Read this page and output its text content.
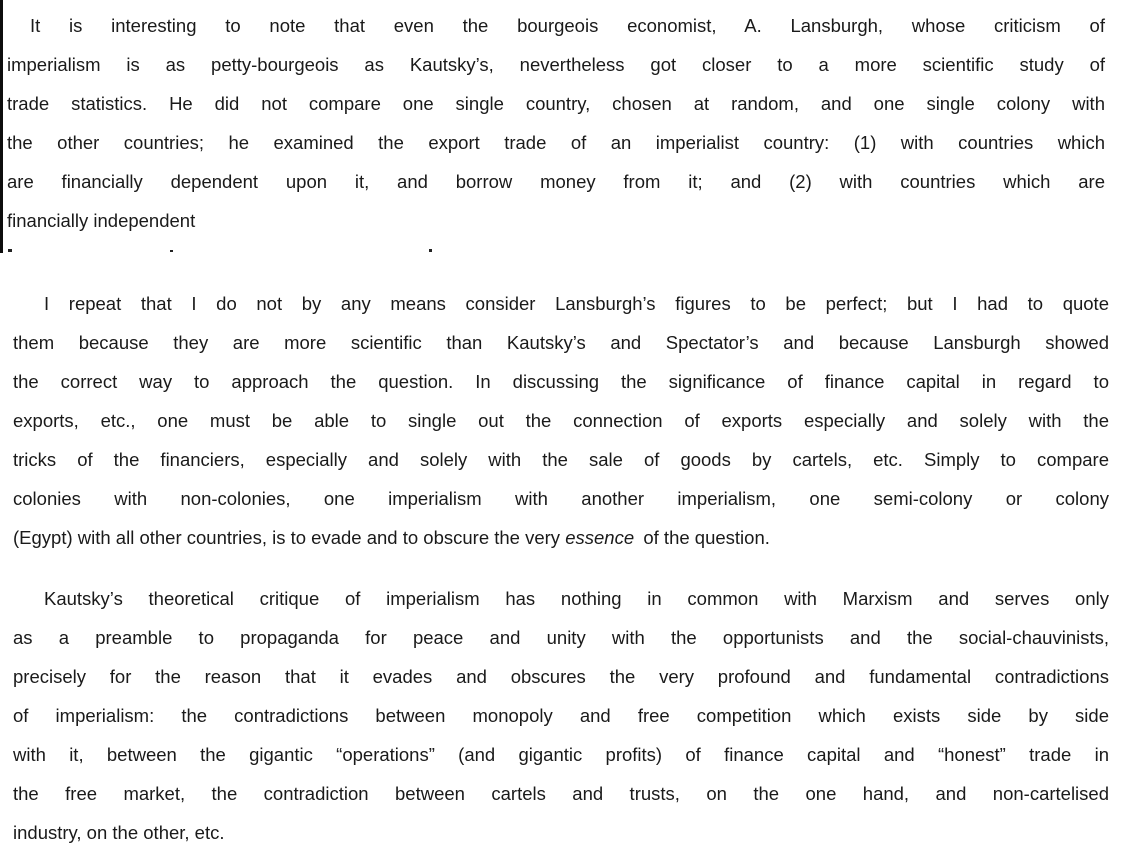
It is interesting to note that even the bourgeois economist, A. Lansburgh, whose criticism of
imperialism is as petty-bourgeois as Kautsky’s, nevertheless got closer to a more scientific study of
trade statistics. He did not compare one single country, chosen at random, and one single colony with
the other countries; he examined the export trade of an imperialist country: (1) with countries which
are financially dependent upon it, and borrow money from it; and (2) with countries which are
financially independent
I repeat that I do not by any means consider Lansburgh’s figures to be perfect; but I had to quote
them because they are more scientific than Kautsky’s and Spectator’s and because Lansburgh showed
the correct way to approach the question. In discussing the significance of finance capital in regard to
exports, etc., one must be able to single out the connection of exports especially and solely with the
tricks of the financiers, especially and solely with the sale of goods by cartels, etc. Simply to compare
colonies with non-colonies, one imperialism with another imperialism, one semi-colony or colony
(Egypt) with all other countries, is to evade and to obscure the very essence of the question.
Kautsky’s theoretical critique of imperialism has nothing in common with Marxism and serves only
as a preamble to propaganda for peace and unity with the opportunists and the social-chauvinists,
precisely for the reason that it evades and obscures the very profound and fundamental contradictions
of imperialism: the contradictions between monopoly and free competition which exists side by side
with it, between the gigantic “operations” (and gigantic profits) of finance capital and “honest” trade in
the free market, the contradiction between cartels and trusts, on the one hand, and non-cartelised
industry, on the other, etc.
